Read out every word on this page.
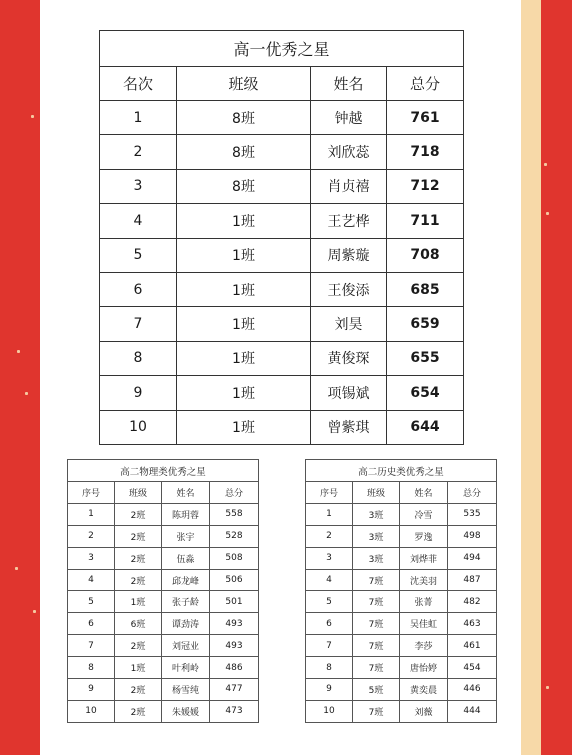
高一优秀之星			
名次	班级	姓名	总分
1	8班	钟越	761
2	8班	刘欣蕊	718
3	8班	肖贞禧	712
4	1班	王艺桦	711
5	1班	周紫璇	708
6	1班	王俊添	685
7	1班	刘昊	659
8	1班	黄俊琛	655
9	1班	项锡斌	654
10	1班	曾紫琪	644
高二物理类优秀之星			
序号	班级	姓名	总分
1	2班	陈玥蓉	558
2	2班	张宇	528
3	2班	伍淼	508
4	2班	邱龙峰	506
5	1班	张子龄	501
6	6班	谭劲涛	493
7	2班	刘冠业	493
8	1班	叶利岭	486
9	2班	杨雪纯	477
10	2班	朱媛媛	473
高二历史类优秀之星			
序号	班级	姓名	总分
1	3班	冷雪	535
2	3班	罗逸	498
3	3班	刘烨菲	494
4	7班	沈美羽	487
5	7班	张菁	482
6	7班	吴佳虹	463
7	7班	李莎	461
8	7班	唐怡婷	454
9	5班	黄奕晨	446
10	7班	刘薇	444
